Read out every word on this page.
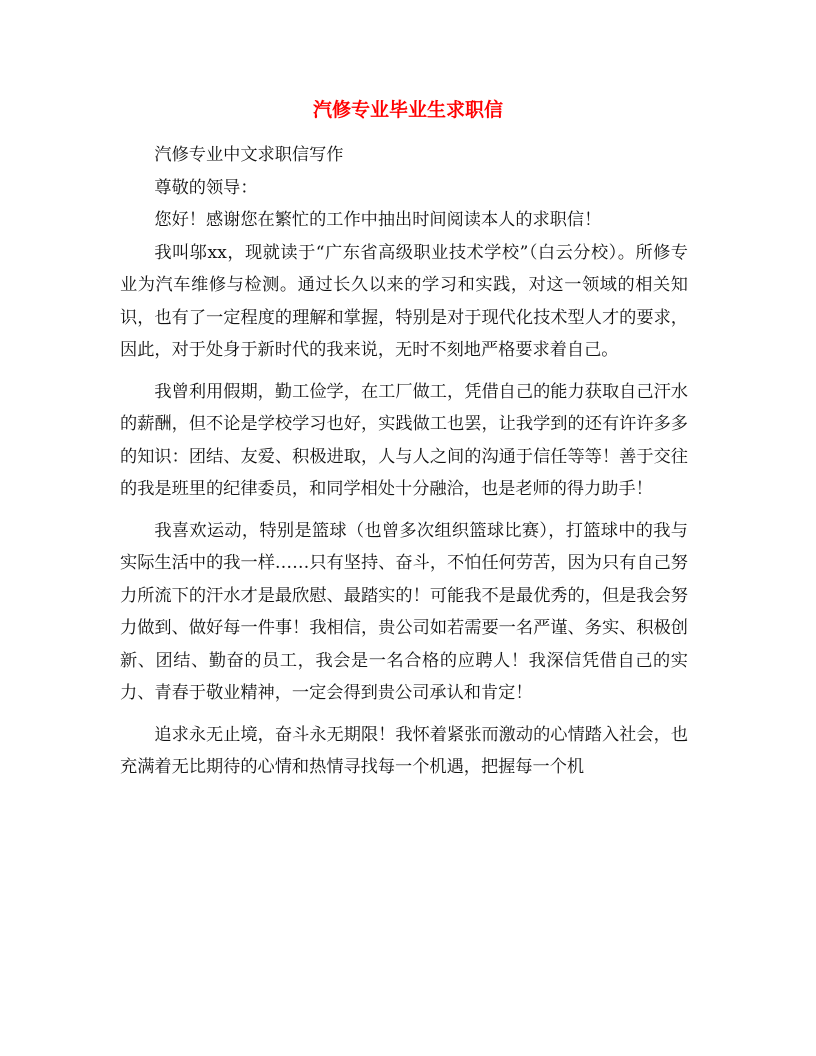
汽修专业毕业生求职信

汽修专业中文求职信写作

尊敬的领导：

您好！感谢您在繁忙的工作中抽出时间阅读本人的求职信！

我叫邬xx，现就读于“广东省高级职业技术学校”（白云分校）。所修专业为汽车维修与检测。通过长久以来的学习和实践，对这一领域的相关知识，也有了一定程度的理解和掌握，特别是对于现代化技术型人才的要求，因此，对于处身于新时代的我来说，无时不刻地严格要求着自己。

我曾利用假期，勤工俭学，在工厂做工，凭借自己的能力获取自己汗水的薪酬，但不论是学校学习也好，实践做工也罢，让我学到的还有许许多多的知识：团结、友爱、积极进取，人与人之间的沟通于信任等等！善于交往的我是班里的纪律委员，和同学相处十分融洽，也是老师的得力助手！

我喜欢运动，特别是篮球（也曾多次组织篮球比赛），打篮球中的我与实际生活中的我一样……只有坚持、奋斗，不怕任何劳苦，因为只有自己努力所流下的汗水才是最欣慰、最踏实的！可能我不是最优秀的，但是我会努力做到、做好每一件事！我相信，贵公司如若需要一名严谨、务实、积极创新、团结、勤奋的员工，我会是一名合格的应聘人！我深信凭借自己的实力、青春于敬业精神，一定会得到贵公司承认和肯定！

追求永无止境，奋斗永无期限！我怀着紧张而激动的心情踏入社会，也充满着无比期待的心情和热情寻找每一个机遇，把握每一个机
